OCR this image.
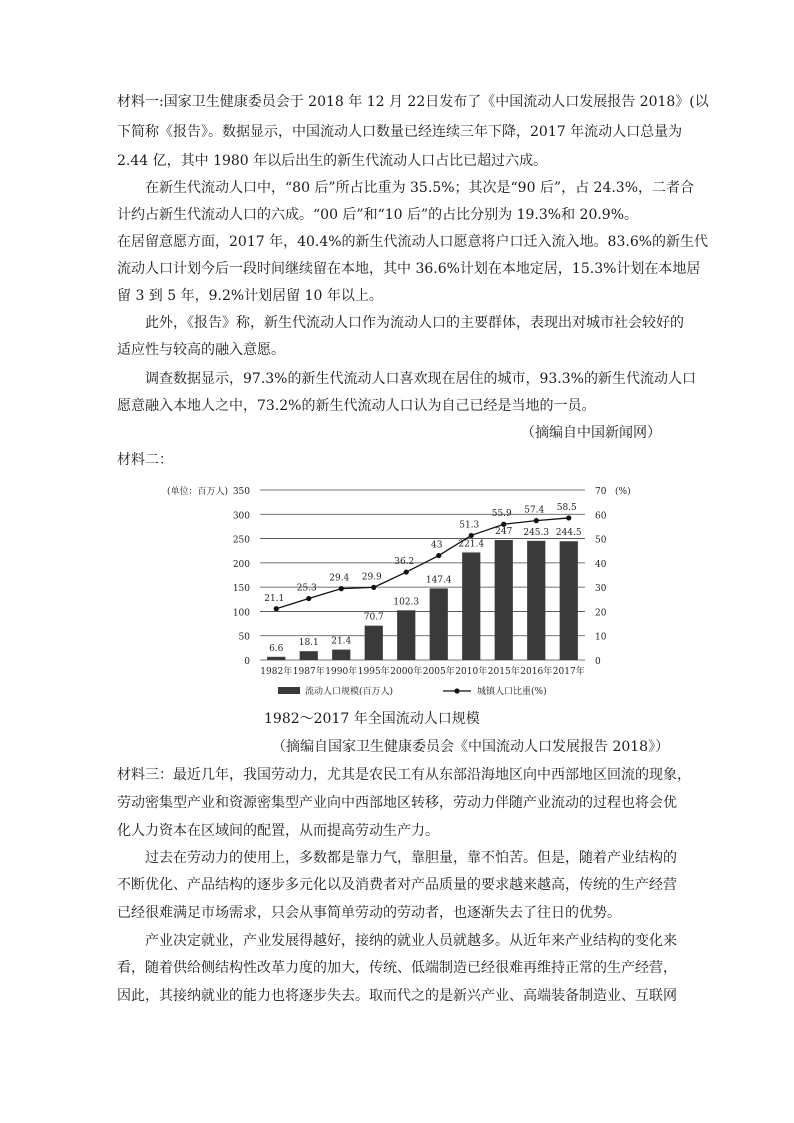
材料一:国家卫生健康委员会于 2018 年 12 月 22日发布了《中国流动人口发展报告 2018》(以
下简称《报告》。数据显示，中国流动人口数量已经连续三年下降，2017 年流动人口总量为
2.44 亿，其中 1980 年以后出生的新生代流动人口占比已超过六成。
在新生代流动人口中，“80 后”所占比重为 35.5%；其次是“90 后”，占 24.3%，二者合
计约占新生代流动人口的六成。“00 后”和“10 后”的占比分别为 19.3%和 20.9%。
在居留意愿方面，2017 年，40.4%的新生代流动人口愿意将户口迁入流入地。83.6%的新生代
流动人口计划今后一段时间继续留在本地，其中 36.6%计划在本地定居，15.3%计划在本地居
留 3 到 5 年，9.2%计划居留 10 年以上。
此外，《报告》称，新生代流动人口作为流动人口的主要群体，表现出对城市社会较好的
适应性与较高的融入意愿。
调查数据显示，97.3%的新生代流动人口喜欢现在居住的城市，93.3%的新生代流动人口
愿意融入本地人之中，73.2%的新生代流动人口认为自己已经是当地的一员。
（摘编自中国新闻网）
材料二：
0
50
100
150
200
250
300
350
0
10
20
30
40
50
60
70
(单位：百万人)	(%)
6.6
18.1 21.4
70.7
102.3
147.4
221.4
247 245.3 244.5
21.1
25.3
29.4 29.9
36.2
43
51.3
55.9 57.4 58.5
1982年 1987年 1990年 1995年 2000年 2005年 2010年 2015年 2016年 2017年
流动人口规模(百万人)	城镇人口比重(%)
1982～2017 年全国流动人口规模
（摘编自国家卫生健康委员会《中国流动人口发展报告 2018》）
材料三：最近几年，我国劳动力，尤其是农民工有从东部沿海地区向中西部地区回流的现象，
劳动密集型产业和资源密集型产业向中西部地区转移，劳动力伴随产业流动的过程也将会优
化人力资本在区域间的配置，从而提高劳动生产力。
过去在劳动力的使用上，多数都是靠力气，靠胆量，靠不怕苦。但是，随着产业结构的
不断优化、产品结构的逐步多元化以及消费者对产品质量的要求越来越高，传统的生产经营
已经很难满足市场需求，只会从事简单劳动的劳动者，也逐渐失去了往日的优势。
产业决定就业，产业发展得越好，接纳的就业人员就越多。从近年来产业结构的变化来
看，随着供给侧结构性改革力度的加大，传统、低端制造已经很难再维持正常的生产经营，
因此，其接纳就业的能力也将逐步失去。取而代之的是新兴产业、高端装备制造业、互联网
